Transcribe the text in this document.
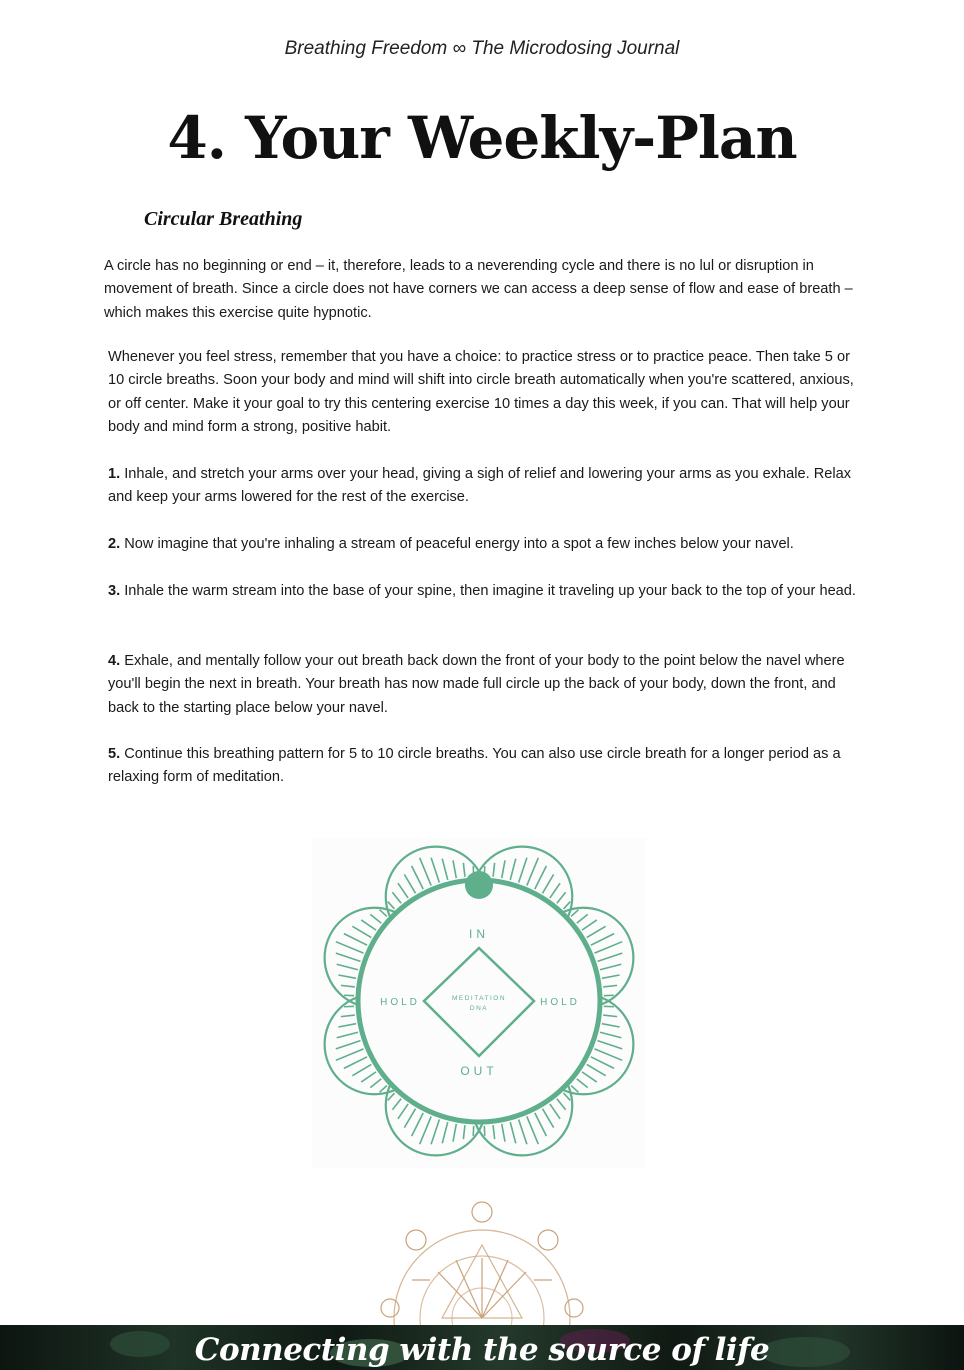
Breathing Freedom ∞ The Microdosing Journal
4. Your Weekly-Plan
Circular Breathing

A circle has no beginning or end – it, therefore, leads to a neverending cycle and there is no lul or disruption in movement of breath. Since a circle does not have corners we can access a deep sense of flow and ease of breath – which makes this exercise quite hypnotic.

Whenever you feel stress, remember that you have a choice: to practice stress or to practice peace. Then take 5 or 10 circle breaths. Soon your body and mind will shift into circle breath automatically when you're scattered, anxious, or off center. Make it your goal to try this centering exercise 10 times a day this week, if you can. That will help your body and mind form a strong, positive habit.

1. Inhale, and stretch your arms over your head, giving a sigh of relief and lowering your arms as you exhale. Relax and keep your arms lowered for the rest of the exercise.

2. Now imagine that you're inhaling a stream of peaceful energy into a spot a few inches below your navel.

3. Inhale the warm stream into the base of your spine, then imagine it traveling up your back to the top of your head.

4. Exhale, and mentally follow your out breath back down the front of your body to the point below the navel where you'll begin the next in breath. Your breath has now made full circle up the back of your body, down the front, and back to the starting place below your navel.

5. Continue this breathing pattern for 5 to 10 circle breaths. You can also use circle breath for a longer period as a relaxing form of meditation.

IN
OUT
HOLD	HOLD
MEDITATION
DNA
Connecting with the source of life
